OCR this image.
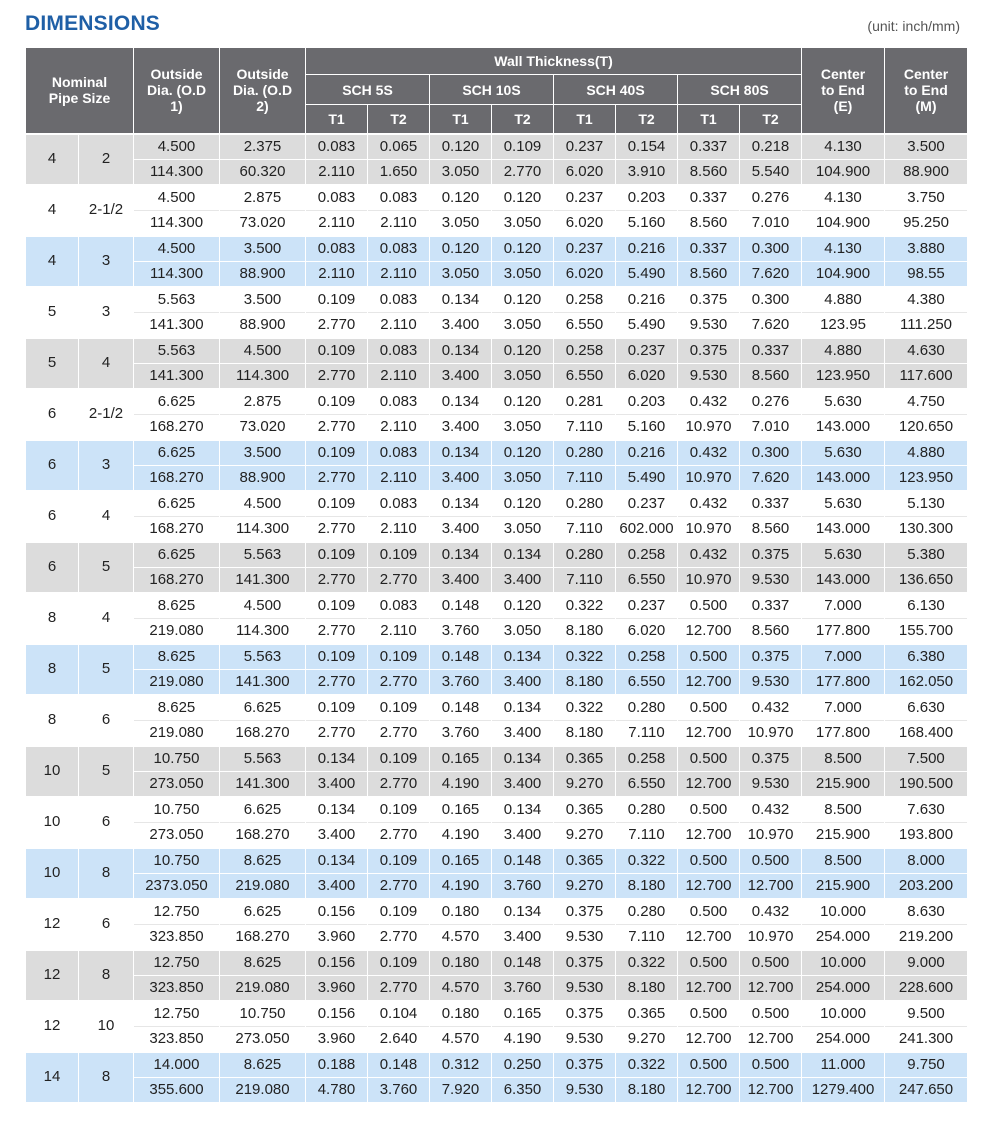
DIMENSIONS	(unit: inch/mm)
Nominal Pipe Size		Outside Dia. (O.D 1)	Outside Dia. (O.D 2)	Wall Thickness(T)								Center to End (E)	Center to End (M)
				SCH 5S		SCH 10S		SCH 40S		SCH 80S			
				T1	T2	T1	T2	T1	T2	T1	T2		
4	2	4.500	2.375	0.083	0.065	0.120	0.109	0.237	0.154	0.337	0.218	4.130	3.500
		114.300	60.320	2.110	1.650	3.050	2.770	6.020	3.910	8.560	5.540	104.900	88.900
4	2-1/2	4.500	2.875	0.083	0.083	0.120	0.120	0.237	0.203	0.337	0.276	4.130	3.750
		114.300	73.020	2.110	2.110	3.050	3.050	6.020	5.160	8.560	7.010	104.900	95.250
4	3	4.500	3.500	0.083	0.083	0.120	0.120	0.237	0.216	0.337	0.300	4.130	3.880
		114.300	88.900	2.110	2.110	3.050	3.050	6.020	5.490	8.560	7.620	104.900	98.55
5	3	5.563	3.500	0.109	0.083	0.134	0.120	0.258	0.216	0.375	0.300	4.880	4.380
		141.300	88.900	2.770	2.110	3.400	3.050	6.550	5.490	9.530	7.620	123.95	111.250
5	4	5.563	4.500	0.109	0.083	0.134	0.120	0.258	0.237	0.375	0.337	4.880	4.630
		141.300	114.300	2.770	2.110	3.400	3.050	6.550	6.020	9.530	8.560	123.950	117.600
6	2-1/2	6.625	2.875	0.109	0.083	0.134	0.120	0.281	0.203	0.432	0.276	5.630	4.750
		168.270	73.020	2.770	2.110	3.400	3.050	7.110	5.160	10.970	7.010	143.000	120.650
6	3	6.625	3.500	0.109	0.083	0.134	0.120	0.280	0.216	0.432	0.300	5.630	4.880
		168.270	88.900	2.770	2.110	3.400	3.050	7.110	5.490	10.970	7.620	143.000	123.950
6	4	6.625	4.500	0.109	0.083	0.134	0.120	0.280	0.237	0.432	0.337	5.630	5.130
		168.270	114.300	2.770	2.110	3.400	3.050	7.110	602.000	10.970	8.560	143.000	130.300
6	5	6.625	5.563	0.109	0.109	0.134	0.134	0.280	0.258	0.432	0.375	5.630	5.380
		168.270	141.300	2.770	2.770	3.400	3.400	7.110	6.550	10.970	9.530	143.000	136.650
8	4	8.625	4.500	0.109	0.083	0.148	0.120	0.322	0.237	0.500	0.337	7.000	6.130
		219.080	114.300	2.770	2.110	3.760	3.050	8.180	6.020	12.700	8.560	177.800	155.700
8	5	8.625	5.563	0.109	0.109	0.148	0.134	0.322	0.258	0.500	0.375	7.000	6.380
		219.080	141.300	2.770	2.770	3.760	3.400	8.180	6.550	12.700	9.530	177.800	162.050
8	6	8.625	6.625	0.109	0.109	0.148	0.134	0.322	0.280	0.500	0.432	7.000	6.630
		219.080	168.270	2.770	2.770	3.760	3.400	8.180	7.110	12.700	10.970	177.800	168.400
10	5	10.750	5.563	0.134	0.109	0.165	0.134	0.365	0.258	0.500	0.375	8.500	7.500
		273.050	141.300	3.400	2.770	4.190	3.400	9.270	6.550	12.700	9.530	215.900	190.500
10	6	10.750	6.625	0.134	0.109	0.165	0.134	0.365	0.280	0.500	0.432	8.500	7.630
		273.050	168.270	3.400	2.770	4.190	3.400	9.270	7.110	12.700	10.970	215.900	193.800
10	8	10.750	8.625	0.134	0.109	0.165	0.148	0.365	0.322	0.500	0.500	8.500	8.000
		2373.050	219.080	3.400	2.770	4.190	3.760	9.270	8.180	12.700	12.700	215.900	203.200
12	6	12.750	6.625	0.156	0.109	0.180	0.134	0.375	0.280	0.500	0.432	10.000	8.630
		323.850	168.270	3.960	2.770	4.570	3.400	9.530	7.110	12.700	10.970	254.000	219.200
12	8	12.750	8.625	0.156	0.109	0.180	0.148	0.375	0.322	0.500	0.500	10.000	9.000
		323.850	219.080	3.960	2.770	4.570	3.760	9.530	8.180	12.700	12.700	254.000	228.600
12	10	12.750	10.750	0.156	0.104	0.180	0.165	0.375	0.365	0.500	0.500	10.000	9.500
		323.850	273.050	3.960	2.640	4.570	4.190	9.530	9.270	12.700	12.700	254.000	241.300
14	8	14.000	8.625	0.188	0.148	0.312	0.250	0.375	0.322	0.500	0.500	11.000	9.750
		355.600	219.080	4.780	3.760	7.920	6.350	9.530	8.180	12.700	12.700	1279.400	247.650
